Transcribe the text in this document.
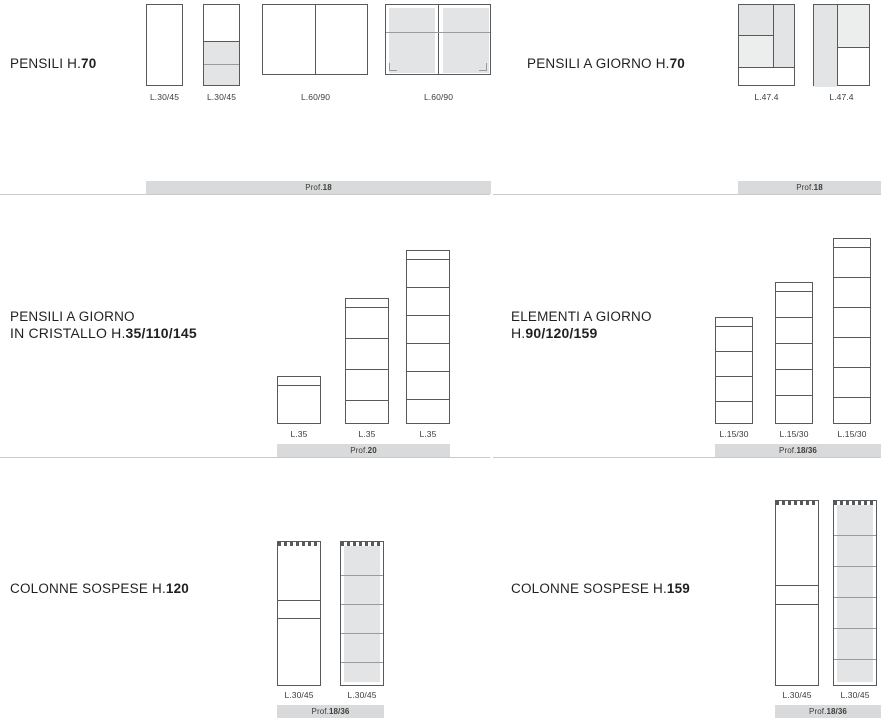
PENSILI H.70
L.30/45	L.30/45	L.60/90	L.60/90
Prof.18
PENSILI A GIORNO H.70
L.47.4	L.47.4
Prof.18
PENSILI A GIORNO
IN CRISTALLO H.35/110/145
L.35	L.35	L.35
Prof.20
ELEMENTI A GIORNO
H.90/120/159
L.15/30	L.15/30	L.15/30
Prof.18/36
COLONNE SOSPESE H.120
L.30/45	L.30/45
Prof.18/36
COLONNE SOSPESE H.159
L.30/45	L.30/45
Prof.18/36
